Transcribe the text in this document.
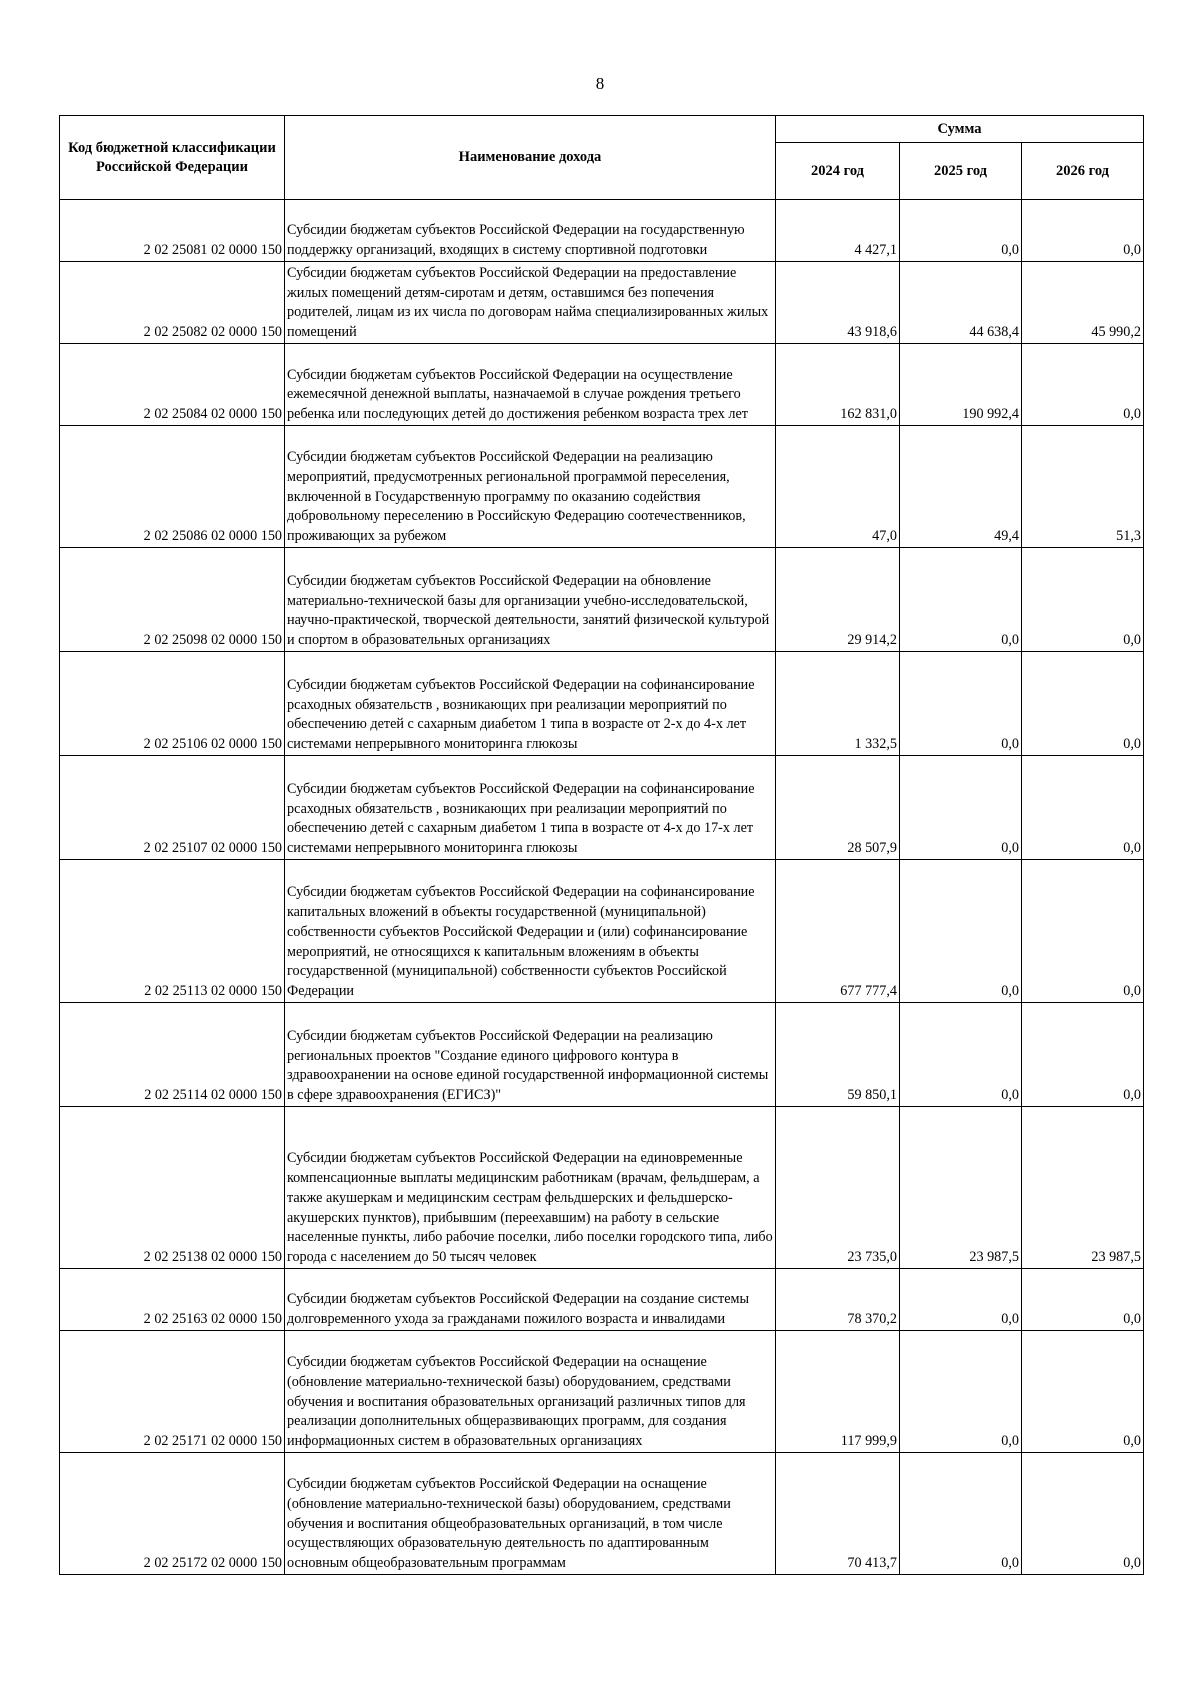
8
Код бюджетной классификации Российской Федерации	Наименование дохода	Сумма		
		2024 год	2025 год	2026 год
2 02 25081 02 0000 150	Субсидии бюджетам субъектов Российской Федерации на государственную поддержку организаций, входящих в систему спортивной подготовки	4 427,1	0,0	0,0
2 02 25082 02 0000 150	Субсидии бюджетам субъектов Российской Федерации на предоставление жилых помещений детям-сиротам и детям, оставшимся без попечения родителей, лицам из их числа по договорам найма специализированных жилых помещений	43 918,6	44 638,4	45 990,2
2 02 25084 02 0000 150	Субсидии бюджетам субъектов Российской Федерации на осуществление ежемесячной денежной выплаты, назначаемой в случае рождения третьего ребенка или последующих детей до достижения ребенком возраста трех лет	162 831,0	190 992,4	0,0
2 02 25086 02 0000 150	Субсидии бюджетам субъектов Российской Федерации на реализацию мероприятий, предусмотренных региональной программой переселения, включенной в Государственную программу по оказанию содействия добровольному переселению в Российскую Федерацию соотечественников, проживающих за рубежом	47,0	49,4	51,3
2 02 25098 02 0000 150	Субсидии бюджетам субъектов Российской Федерации на обновление материально-технической базы для организации учебно-исследовательской, научно-практической, творческой деятельности, занятий физической культурой и спортом в образовательных организациях	29 914,2	0,0	0,0
2 02 25106 02 0000 150	Субсидии бюджетам субъектов Российской Федерации на софинансирование рсаходных обязательств , возникающих при реализации мероприятий по обеспечению детей с сахарным диабетом 1 типа в возрасте от 2-х до 4-х лет системами непрерывного мониторинга глюкозы	1 332,5	0,0	0,0
2 02 25107 02 0000 150	Субсидии бюджетам субъектов Российской Федерации на софинансирование рсаходных обязательств , возникающих при реализации мероприятий по обеспечению детей с сахарным диабетом 1 типа в возрасте от 4-х до 17-х лет системами непрерывного мониторинга глюкозы	28 507,9	0,0	0,0
2 02 25113 02 0000 150	Субсидии бюджетам субъектов Российской Федерации на софинансирование капитальных вложений в объекты государственной (муниципальной) собственности субъектов Российской Федерации и (или) софинансирование мероприятий, не относящихся к капитальным вложениям в объекты государственной (муниципальной) собственности субъектов Российской Федерации	677 777,4	0,0	0,0
2 02 25114 02 0000 150	Субсидии бюджетам субъектов Российской Федерации на реализацию региональных проектов "Создание единого цифрового контура в здравоохранении на основе единой государственной информационной системы в сфере здравоохранения (ЕГИСЗ)"	59 850,1	0,0	0,0
2 02 25138 02 0000 150	Субсидии бюджетам субъектов Российской Федерации на единовременные компенсационные выплаты медицинским работникам (врачам, фельдшерам, а также акушеркам и медицинским сестрам фельдшерских и фельдшерско-акушерских пунктов), прибывшим (переехавшим) на работу в сельские населенные пункты, либо рабочие поселки, либо поселки городского типа, либо города с населением до 50 тысяч человек	23 735,0	23 987,5	23 987,5
2 02 25163 02 0000 150	Субсидии бюджетам субъектов Российской Федерации на создание системы долговременного ухода за гражданами пожилого возраста и инвалидами	78 370,2	0,0	0,0
2 02 25171 02 0000 150	Субсидии бюджетам субъектов Российской Федерации на оснащение (обновление материально-технической базы) оборудованием, средствами обучения и воспитания образовательных организаций различных типов для реализации дополнительных общеразвивающих программ, для создания информационных систем в образовательных организациях	117 999,9	0,0	0,0
2 02 25172 02 0000 150	Субсидии бюджетам субъектов Российской Федерации на оснащение (обновление материально-технической базы) оборудованием, средствами обучения и воспитания общеобразовательных организаций, в том числе осуществляющих образовательную деятельность по адаптированным основным общеобразовательным программам	70 413,7	0,0	0,0
